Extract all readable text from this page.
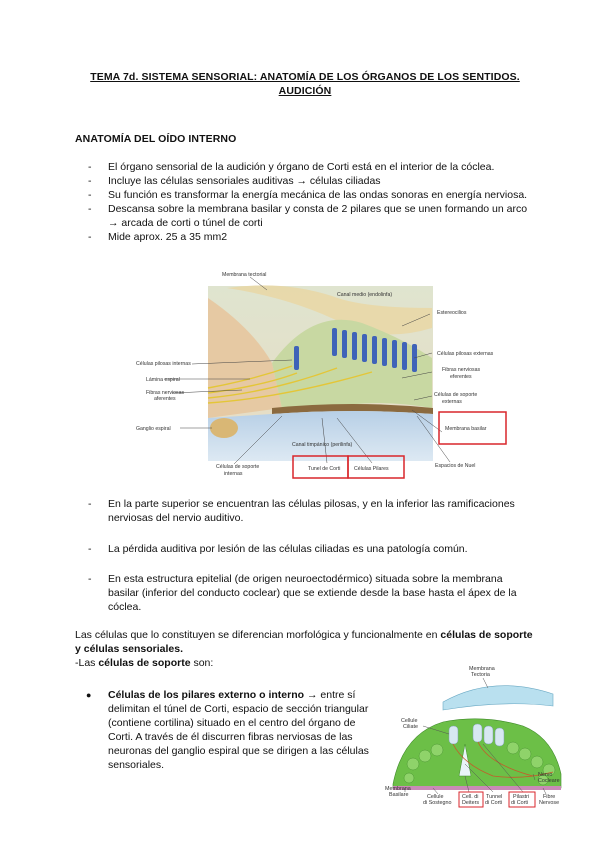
TEMA 7d. SISTEMA SENSORIAL: ANATOMÍA DE LOS ÓRGANOS DE LOS SENTIDOS.
AUDICIÓN
ANATOMÍA DEL OÍDO INTERNO
-	El órgano sensorial de la audición y órgano de Corti está en el interior de la cóclea.
-	Incluye las células sensoriales auditivas → células ciliadas
-	Su función es transformar la energía mecánica de las ondas sonoras en energía nerviosa.
-	Descansa sobre la membrana basilar y consta de 2 pilares que se unen formando un arco → arcada de corti o túnel de corti
-	Mide aprox. 25 a 35 mm2
Membrana tectorial
Canal medio (endolinfa)
Estereocilios
Células pilosas internas
Células pilosas externas
Lámina espiral
Fibras nerviosas
aferentes
Fibras nerviosas
eferentes
Células de soporte
externas
Membrana basilar
Ganglio espiral
Canal timpánico (perilinfa)
Células de soporte
internas
Tunel de Corti	Células Pilares	Espacios de Nuel
-	En la parte superior se encuentran las células pilosas, y en la inferior las ramificaciones nerviosas del nervio auditivo.
-	La pérdida auditiva por lesión de las células ciliadas es una patología común.
-	En esta estructura epitelial (de origen neuroectodérmico) situada sobre la membrana basilar (inferior del conducto coclear) que se extiende desde la base hasta el ápex de la cóclea.
Las células que lo constituyen se diferencian morfológica y funcionalmente en células de soporte y células sensoriales.
-Las células de soporte son:
●	Células de los pilares externo o interno → entre sí delimitan el túnel de Corti, espacio de sección triangular (contiene cortilina) situado en el centro del órgano de Corti. A través de él discurren fibras nerviosas de las neuronas del ganglio espiral que se dirigen a las células sensoriales.
Membrana
Tectoria
Cellule
Ciliate
Nervo
Cocleare
Membrana
Basilare	Cellule
di Sostegno
Cell. di
Deiters
Tunnel
di Corti
Pilastri
di Corti
Fibre
Nervose
